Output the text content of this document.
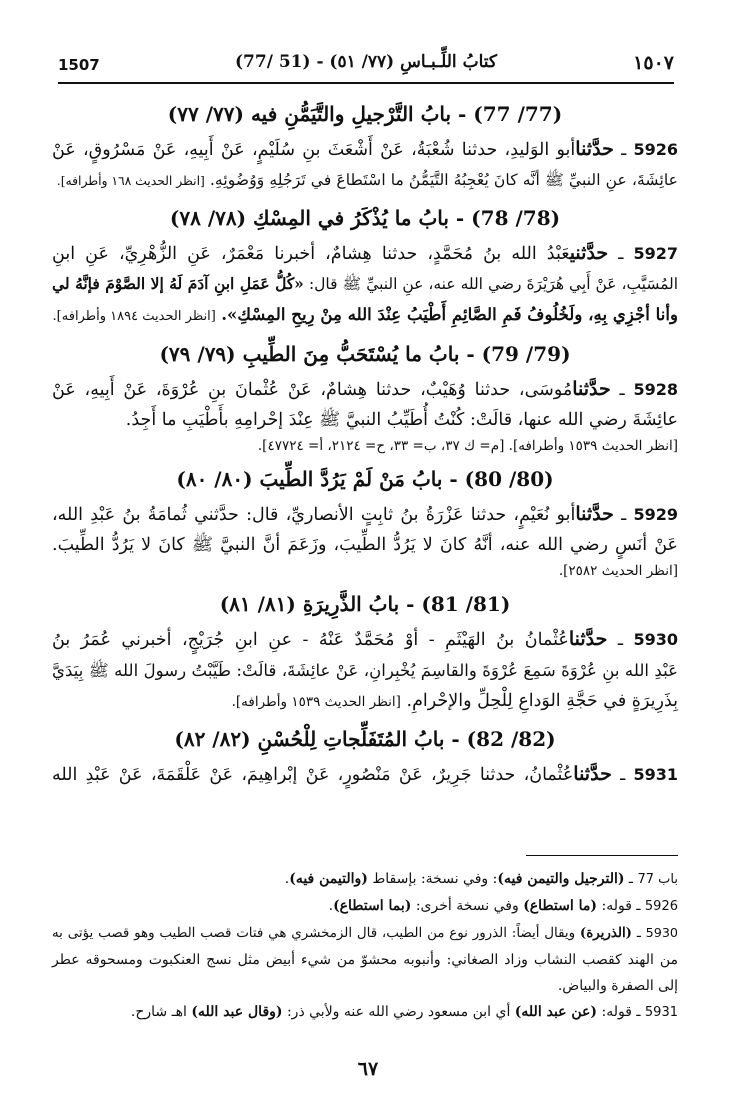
1507	(77/ 51) - كتابُ اللِّـبـاسِ (٧٧/ ٥١)	١٥٠٧
(77/ 77) - بابُ التَّرْجيلِ والتَّيَمُّنِ فيه (٧٧/ ٧٧)
5926 ـ حدَّثناأبو الوَليدِ، حدثنا شُعْبَةُ، عَنْ أَشْعَثَ بنِ سُلَيْمٍ، عَنْ أَبِيهِ، عَنْ مَسْرُوقٍ، عَنْ
عائِشَةَ، عنِ النبيِّ ﷺ أنَّه كانَ يُعْجِبُهُ التَّيَمُّنُ ما اسْتَطاعَ في تَرَجُلِهِ وَوُضُوئِهِ. [انظر الحديث ١٦٨ وأطرافه].
(78/ 78) - بابُ ما يُذْكَرُ في المِسْكِ (٧٨/ ٧٨)
5927 ـ حدَّثنيعَبْدُ الله بنُ مُحَمَّدٍ، حدثنا هِشامٌ، أخبرنا مَعْمَرٌ، عَنِ الزُّهْرِيِّ، عَنِ ابنِ
المُسَيَّبِ، عَنْ أَبِي هُرَيْرَةَ رضي الله عنه، عنِ النبيِّ ﷺ قال: «كُلُّ عَمَلِ ابنِ آدَمَ لَهُ إلا الصَّوْمَ فإنَّهُ لي
وأنا أجْزِي بِهِ، ولَخُلُوفُ فَمِ الصَّائِمِ أَطْيَبُ عِنْدَ الله مِنْ رِيحِ المِسْكِ». [انظر الحديث ١٨٩٤ وأطرافه].
(79/ 79) - بابُ ما يُسْتَحَبُّ مِنَ الطِّيبِ (٧٩/ ٧٩)
5928 ـ حدَّثنامُوسَى، حدثنا وُهَيْبٌ، حدثنا هِشامٌ، عَنْ عُثْمانَ بنِ عُرْوَةَ، عَنْ أَبِيهِ، عَنْ
عائِشَةَ رضي الله عنها، قالَتْ: كُنْتُ أُطَيِّبُ النبيَّ ﷺ عِنْدَ إحْرامِهِ بأَطْيَبِ ما أَجِدُ.
[انظر الحديث ١٥٣٩ وأطرافه]. [م= ك ٣٧، ب= ٣٣، ح= ٢١٢٤، أ= ٤٧٧٢٤].
(80/ 80) - بابُ مَنْ لَمْ يَرُدَّ الطِّيبَ (٨٠/ ٨٠)
5929 ـ حدَّثناأبو نُعَيْمٍ، حدثنا عَزْرَةُ بنُ ثابِتٍ الأنصاريِّ، قال: حدَّثني ثُمامَةُ بنُ عَبْدِ الله،
عَنْ أنَسٍ رضي الله عنه، أنَّهُ كانَ لا يَرُدُّ الطِّيبَ، وزَعَمَ أنَّ النبيَّ ﷺ كانَ لا يَرُدُّ الطِّيبَ.
[انظر الحديث ٢٥٨٢].
(81/ 81) - بابُ الذَّرِيرَةِ (٨١/ ٨١)
5930 ـ حدَّثناعُثْمانُ بنُ الهَيْثَمِ - أوْ مُحَمَّدٌ عَنْهُ - عنِ ابنِ جُرَيْجٍ، أخبرني عُمَرُ بنُ
عَبْدِ الله بنِ عُرْوَةَ سَمِعَ عُرْوَةَ والقاسِمَ يُخْبِرانِ، عَنْ عائِشَةَ، قالَتْ: طَيَّبْتُ رسولَ الله ﷺ بِيَدَيَّ
بِذَرِيرَةٍ في حَجَّةِ الوَداعِ لِلْحِلِّ والإحْرامِ. [انظر الحديث ١٥٣٩ وأطرافه].
(82/ 82) - بابُ المُتَفَلِّجاتِ لِلْحُسْنِ (٨٢/ ٨٢)
5931 ـ حدَّثناعُثْمانُ، حدثنا جَرِيرٌ، عَنْ مَنْصُورٍ، عَنْ إبْراهِيمَ، عَنْ عَلْقَمَةَ، عَنْ عَبْدِ الله
باب 77 ـ (الترجيل والتيمن فيه): وفي نسخة: بإسقاط (والتيمن فيه).
5926 ـ قوله: (ما استطاع) وفي نسخة أخرى: (بما استطاع).
5930 ـ (الذريرة) ويقال أيضاً: الذرور نوع من الطيب، قال الزمخشري هي فتات قصب الطيب وهو قصب يؤتى به
من الهند كقصب النشاب وزاد الصغاني: وأنبوبه محشوّ من شيء أبيض مثل نسج العنكبوت ومسحوقه عطر
إلى الصفرة والبياض.
5931 ـ قوله: (عن عبد الله) أي ابن مسعود رضي الله عنه ولأبي ذر: (وقال عبد الله) اهـ شارح.
٦٧
